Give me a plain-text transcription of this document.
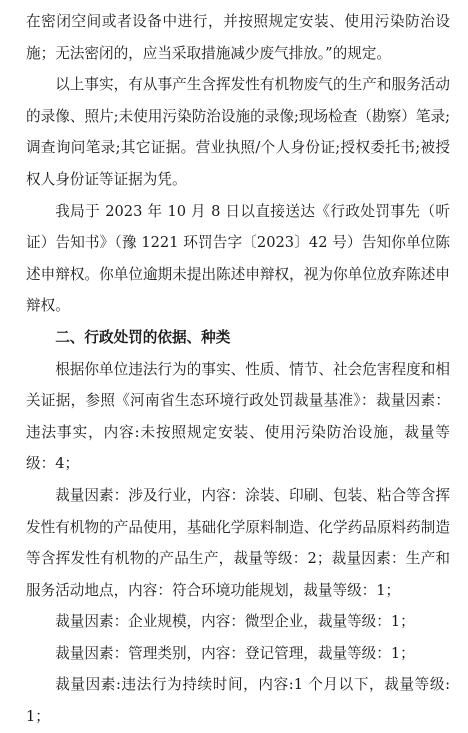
在密闭空间或者设备中进行，并按照规定安装、使用污染防治设施；无法密闭的，应当采取措施减少废气排放。”的规定。

以上事实，有从事产生含挥发性有机物废气的生产和服务活动的录像、照片;未使用污染防治设施的录像;现场检查（勘察）笔录;调查询问笔录;其它证据。营业执照/个人身份证;授权委托书;被授权人身份证等证据为凭。

我局于 2023 年 10 月 8 日以直接送达《行政处罚事先（听证）告知书》（豫 1221 环罚告字〔2023〕42 号）告知你单位陈述申辩权。你单位逾期未提出陈述申辩权，视为你单位放弃陈述申辩权。

二、行政处罚的依据、种类

根据你单位违法行为的事实、性质、情节、社会危害程度和相关证据，参照《河南省生态环境行政处罚裁量基准》：裁量因素：违法事实，内容:未按照规定安装、使用污染防治设施，裁量等级：4；

裁量因素：涉及行业，内容：涂装、印刷、包装、粘合等含挥发性有机物的产品使用，基础化学原料制造、化学药品原料药制造等含挥发性有机物的产品生产，裁量等级：2；裁量因素：生产和服务活动地点，内容：符合环境功能规划，裁量等级：1；

裁量因素：企业规模，内容：微型企业，裁量等级：1；

裁量因素：管理类别，内容：登记管理，裁量等级：1；

裁量因素:违法行为持续时间，内容:1 个月以下，裁量等级:1；
